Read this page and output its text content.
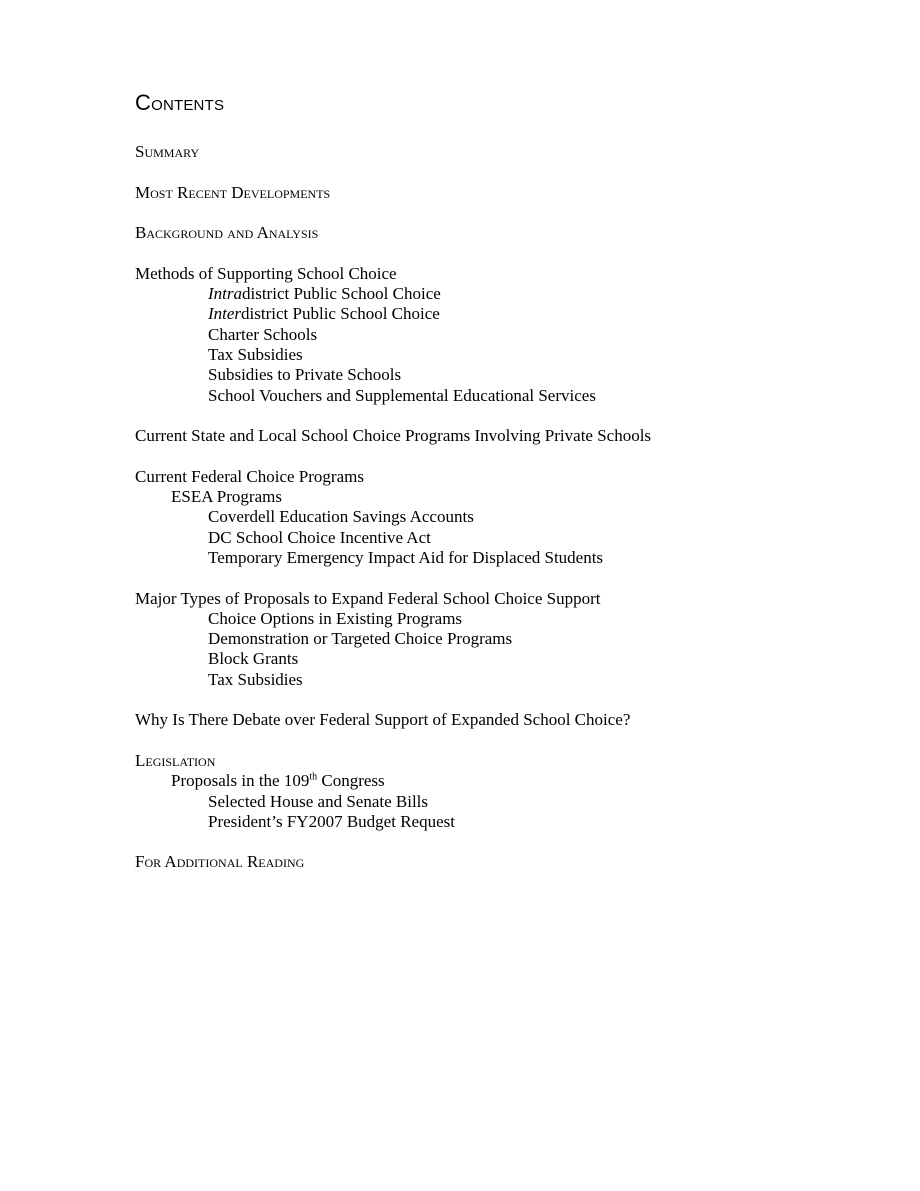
Contents
Summary
Most Recent Developments
Background and Analysis
Methods of Supporting School Choice
Intradistrict Public School Choice
Interdistrict Public School Choice
Charter Schools
Tax Subsidies
Subsidies to Private Schools
School Vouchers and Supplemental Educational Services
Current State and Local School Choice Programs Involving Private Schools
Current Federal Choice Programs
ESEA Programs
Coverdell Education Savings Accounts
DC School Choice Incentive Act
Temporary Emergency Impact Aid for Displaced Students
Major Types of Proposals to Expand Federal School Choice Support
Choice Options in Existing Programs
Demonstration or Targeted Choice Programs
Block Grants
Tax Subsidies
Why Is There Debate over Federal Support of Expanded School Choice?
Legislation
Proposals in the 109th Congress
Selected House and Senate Bills
President’s FY2007 Budget Request
For Additional Reading
